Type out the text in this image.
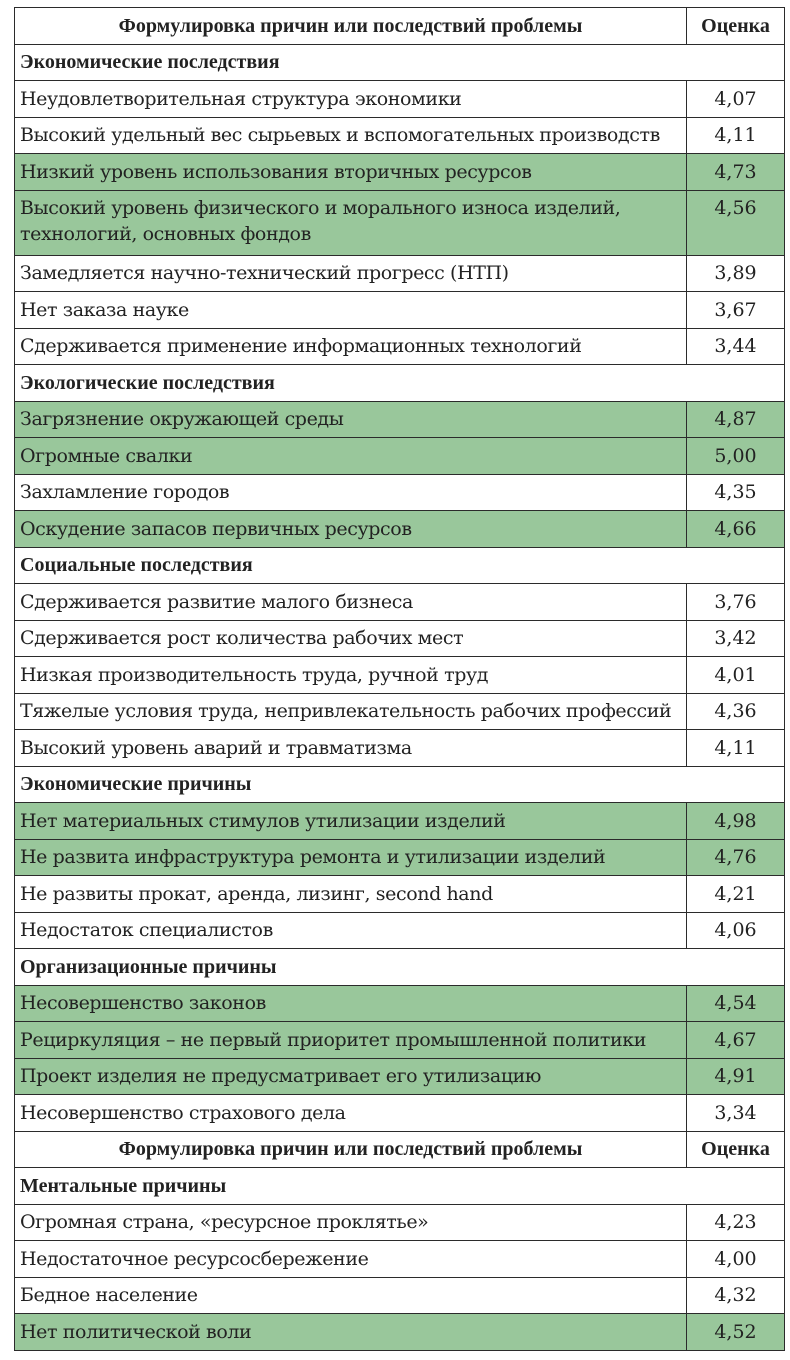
Формулировка причин или последствий проблемы	Оценка
Экономические последствия	
Неудовлетворительная структура экономики	4,07
Высокий удельный вес сырьевых и вспомогательных производств	4,11
Низкий уровень использования вторичных ресурсов	4,73
Высокий уровень физического и морального износа изделий, технологий, основных фондов	4,56
Замедляется научно-технический прогресс (НТП)	3,89
Нет заказа науке	3,67
Сдерживается применение информационных технологий	3,44
Экологические последствия	
Загрязнение окружающей среды	4,87
Огромные свалки	5,00
Захламление городов	4,35
Оскудение запасов первичных ресурсов	4,66
Социальные последствия	
Сдерживается развитие малого бизнеса	3,76
Сдерживается рост количества рабочих мест	3,42
Низкая производительность труда, ручной труд	4,01
Тяжелые условия труда, непривлекательность рабочих профессий	4,36
Высокий уровень аварий и травматизма	4,11
Экономические причины	
Нет материальных стимулов утилизации изделий	4,98
Не развита инфраструктура ремонта и утилизации изделий	4,76
Не развиты прокат, аренда, лизинг, second hand	4,21
Недостаток специалистов	4,06
Организационные причины	
Несовершенство законов	4,54
Рециркуляция – не первый приоритет промышленной политики	4,67
Проект изделия не предусматривает его утилизацию	4,91
Несовершенство страхового дела	3,34
Формулировка причин или последствий проблемы	Оценка
Ментальные причины	
Огромная страна, «ресурсное проклятье»	4,23
Недостаточное ресурсосбережение	4,00
Бедное население	4,32
Нет политической воли	4,52
